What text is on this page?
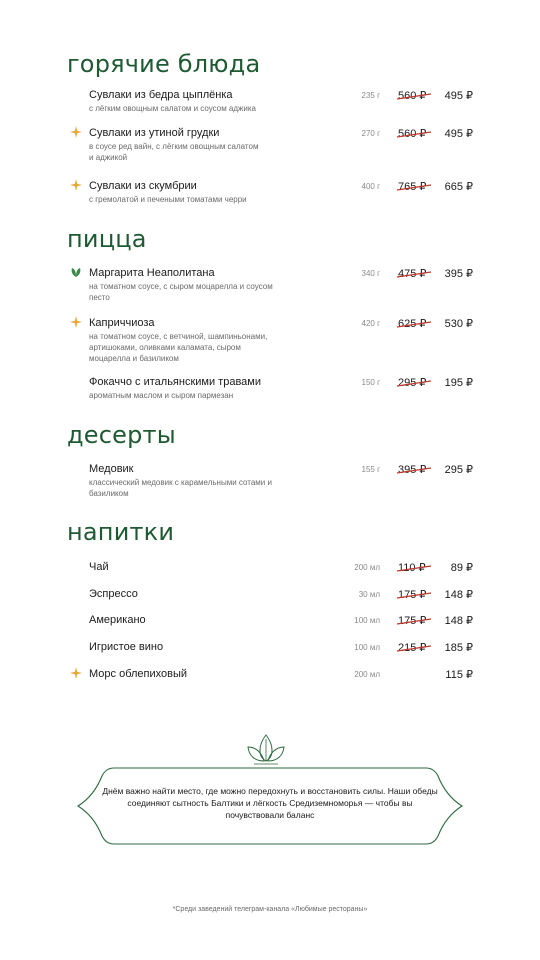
горячие блюда
Сувлаки из бедра цыплёнка
с лёгким овощным салатом и соусом аджика
235 г 560 ₽ 495 ₽
Сувлаки из утиной грудки
в соусе ред вайн, с лёгким овощным салатом и аджикой
270 г 560 ₽ 495 ₽
Сувлаки из скумбрии
с гремолатой и печеными томатами черри
400 г 765 ₽ 665 ₽
пицца
Маргарита Неаполитана
на томатном соусе, с сыром моцарелла и соусом песто
340 г 475 ₽ 395 ₽
Каприччиоза
на томатном соусе, с ветчиной, шампиньонами, артишоками, оливками каламата, сыром моцарелла и базиликом
420 г 625 ₽ 530 ₽
Фокаччо с итальянскими травами
ароматным маслом и сыром пармезан
150 г 295 ₽ 195 ₽
десерты
Медовик
классический медовик с карамельными сотами и базиликом
155 г 395 ₽ 295 ₽
напитки
Чай	200 мл 110 ₽ 89 ₽
Эспрессо	30 мл 175 ₽ 148 ₽
Американо	100 мл 175 ₽ 148 ₽
Игристое вино	100 мл 215 ₽ 185 ₽
Морс облепиховый	200 мл	115 ₽
Днём важно найти место, где можно передохнуть и восстановить силы. Наши обеды соединяют сытность Балтики и лёгкость Средиземноморья — чтобы вы почувствовали баланс
*Среди заведений телеграм-канала «Любимые рестораны»
